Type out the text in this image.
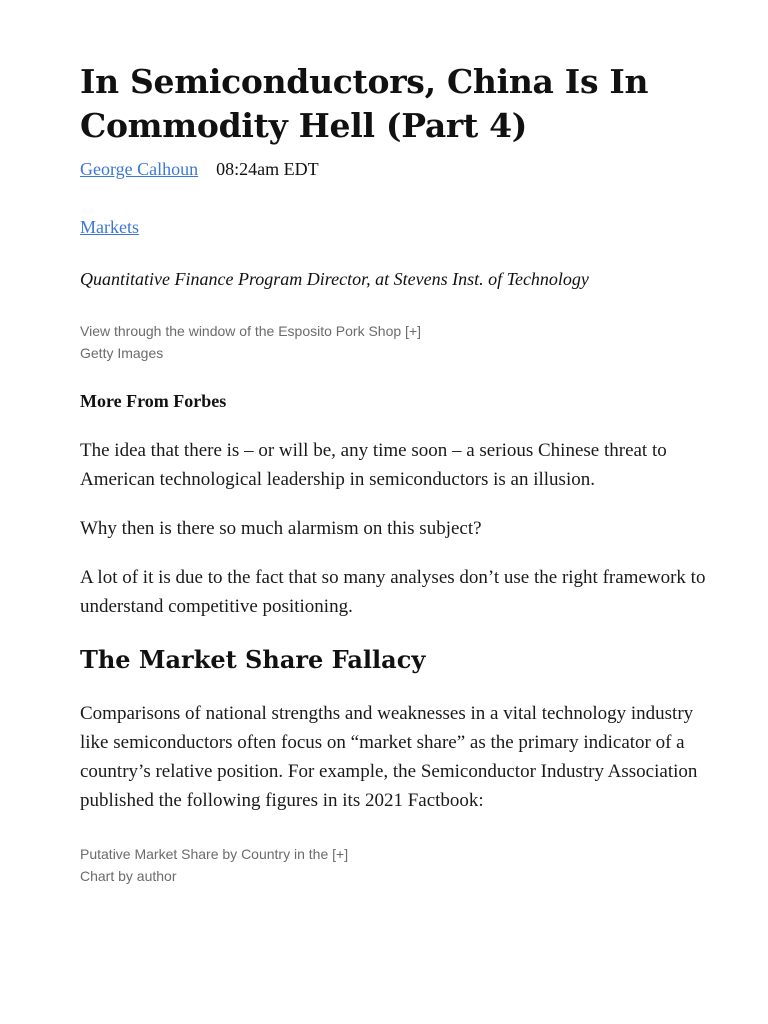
In Semiconductors, China Is In Commodity Hell (Part 4)
George Calhoun 08:24am EDT
Markets
Quantitative Finance Program Director, at Stevens Inst. of Technology
View through the window of the Esposito Pork Shop [+]
Getty Images
More From Forbes

The idea that there is – or will be, any time soon – a serious Chinese threat to American technological leadership in semiconductors is an illusion.

Why then is there so much alarmism on this subject?

A lot of it is due to the fact that so many analyses don’t use the right framework to understand competitive positioning.

The Market Share Fallacy

Comparisons of national strengths and weaknesses in a vital technology industry like semiconductors often focus on “market share” as the primary indicator of a country’s relative position. For example, the Semiconductor Industry Association published the following figures in its 2021 Factbook:

Putative Market Share by Country in the [+]
Chart by author
